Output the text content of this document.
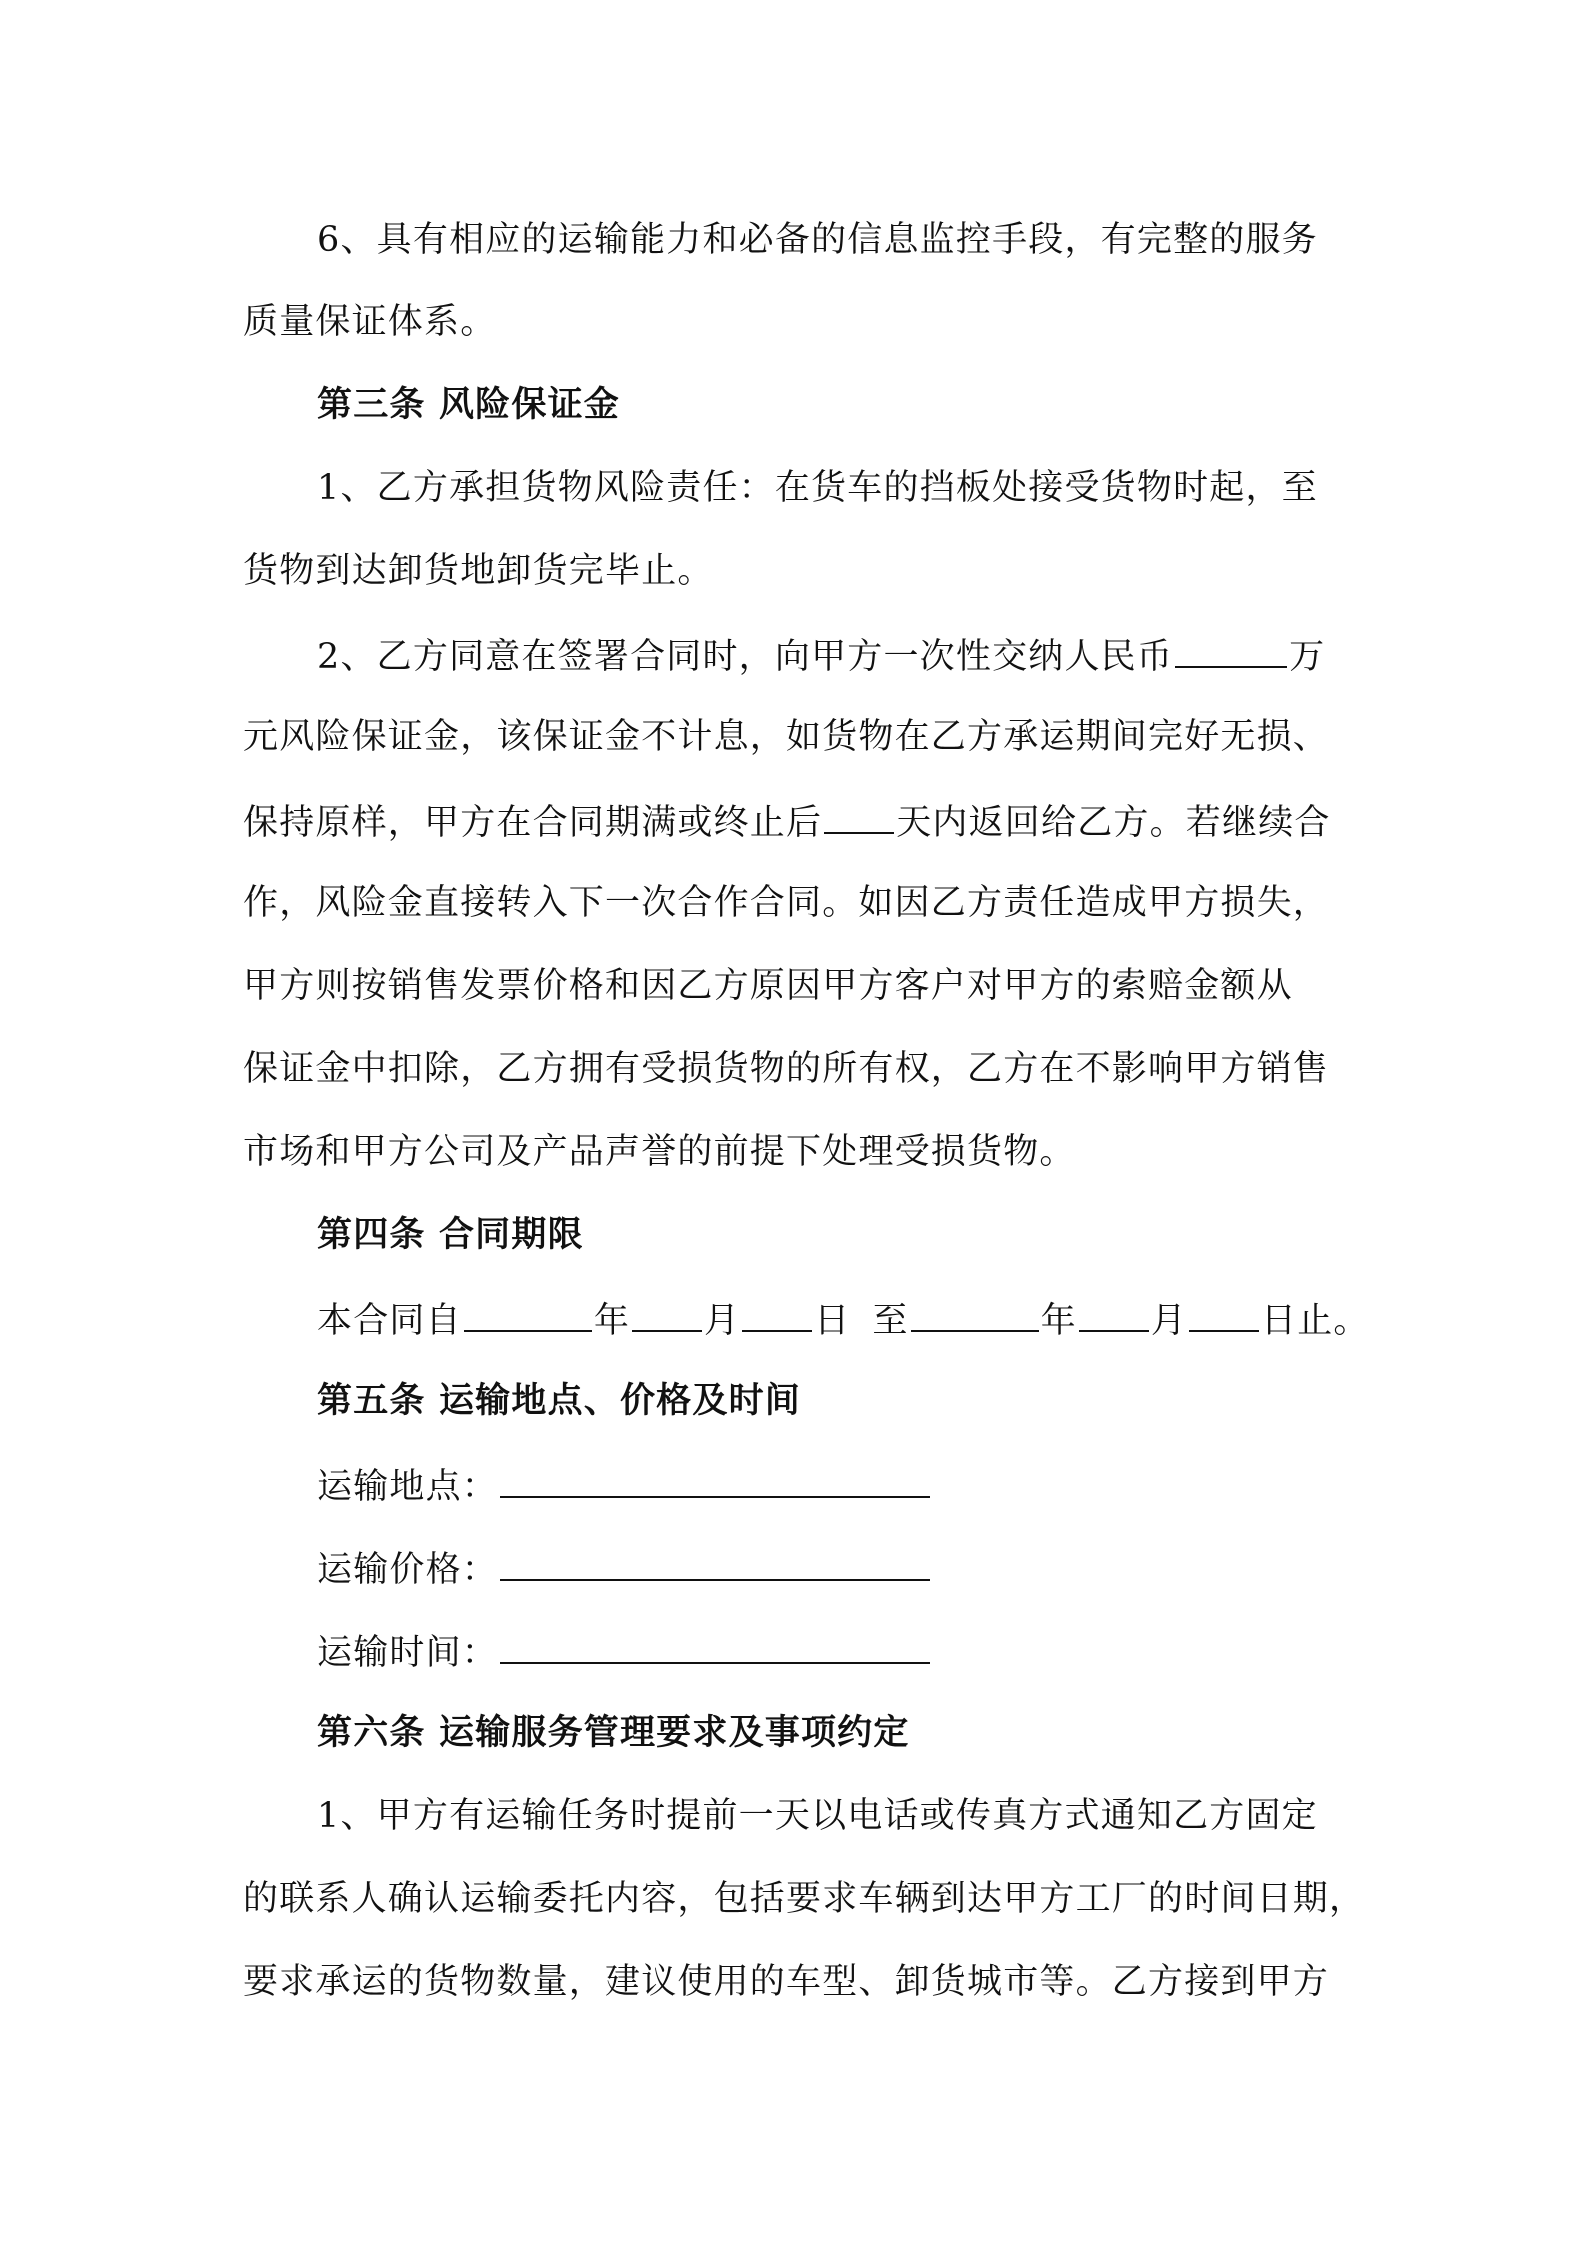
6、具有相应的运输能力和必备的信息监控手段，有完整的服务
质量保证体系。
第三条 风险保证金
1、乙方承担货物风险责任：在货车的挡板处接受货物时起，至
货物到达卸货地卸货完毕止。
2、乙方同意在签署合同时，向甲方一次性交纳人民币	万
元风险保证金，该保证金不计息，如货物在乙方承运期间完好无损、
保持原样，甲方在合同期满或终止后 天内返回给乙方。若继续合
作，风险金直接转入下一次合作合同。如因乙方责任造成甲方损失，
甲方则按销售发票价格和因乙方原因甲方客户对甲方的索赔金额从
保证金中扣除，乙方拥有受损货物的所有权，乙方在不影响甲方销售
市场和甲方公司及产品声誉的前提下处理受损货物。
第四条 合同期限
本合同自	年 月 日 至	年 月 日止。
第五条 运输地点、价格及时间
运输地点：
运输价格：
运输时间：
第六条 运输服务管理要求及事项约定
1、甲方有运输任务时提前一天以电话或传真方式通知乙方固定
的联系人确认运输委托内容，包括要求车辆到达甲方工厂的时间日期，
要求承运的货物数量，建议使用的车型、卸货城市等。乙方接到甲方
